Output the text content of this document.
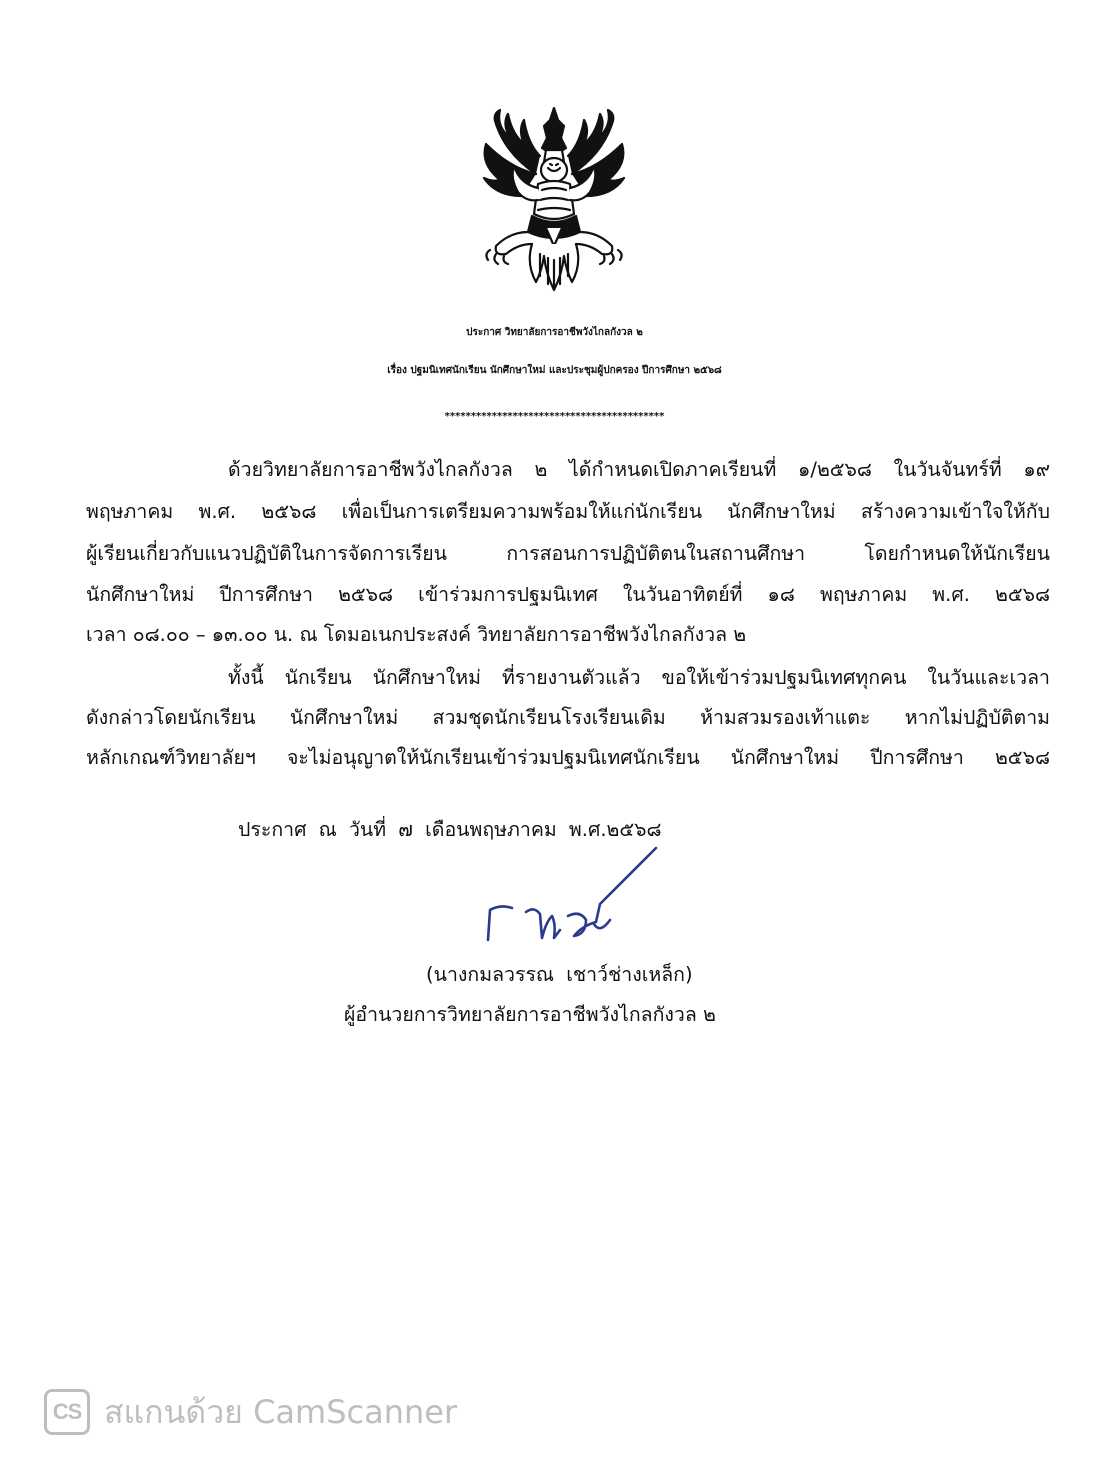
ประกาศ วิทยาลัยการอาชีพวังไกลกังวล ๒
เรื่อง ปฐมนิเทศนักเรียน นักศึกษาใหม่ และประชุมผู้ปกครอง ปีการศึกษา ๒๕๖๘
******************************************
ด้วยวิทยาลัยการอาชีพวังไกลกังวล ๒ ได้กำหนดเปิดภาคเรียนที่ ๑/๒๕๖๘ ในวันจันทร์ที่ ๑๙
พฤษภาคม พ.ศ. ๒๕๖๘ เพื่อเป็นการเตรียมความพร้อมให้แก่นักเรียน นักศึกษาใหม่ สร้างความเข้าใจให้กับ
ผู้เรียนเกี่ยวกับแนวปฏิบัติในการจัดการเรียน การสอนการปฏิบัติตนในสถานศึกษา โดยกำหนดให้นักเรียน
นักศึกษาใหม่ ปีการศึกษา ๒๕๖๘ เข้าร่วมการปฐมนิเทศ ในวันอาทิตย์ที่ ๑๘ พฤษภาคม พ.ศ. ๒๕๖๘
เวลา ๐๘.๐๐ – ๑๓.๐๐ น. ณ โดมอเนกประสงค์ วิทยาลัยการอาชีพวังไกลกังวล ๒
ทั้งนี้ นักเรียน นักศึกษาใหม่ ที่รายงานตัวแล้ว ขอให้เข้าร่วมปฐมนิเทศทุกคน ในวันและเวลา
ดังกล่าวโดยนักเรียน นักศึกษาใหม่ สวมชุดนักเรียนโรงเรียนเดิม ห้ามสวมรองเท้าแตะ หากไม่ปฏิบัติตาม
หลักเกณฑ์วิทยาลัยฯ จะไม่อนุญาตให้นักเรียนเข้าร่วมปฐมนิเทศนักเรียน นักศึกษาใหม่ ปีการศึกษา ๒๕๖๘
ประกาศ ณ วันที่ ๗ เดือนพฤษภาคม พ.ศ.๒๕๖๘
(นางกมลวรรณ เชาว์ช่างเหล็ก)
ผู้อำนวยการวิทยาลัยการอาชีพวังไกลกังวล ๒
CS สแกนด้วย CamScanner
